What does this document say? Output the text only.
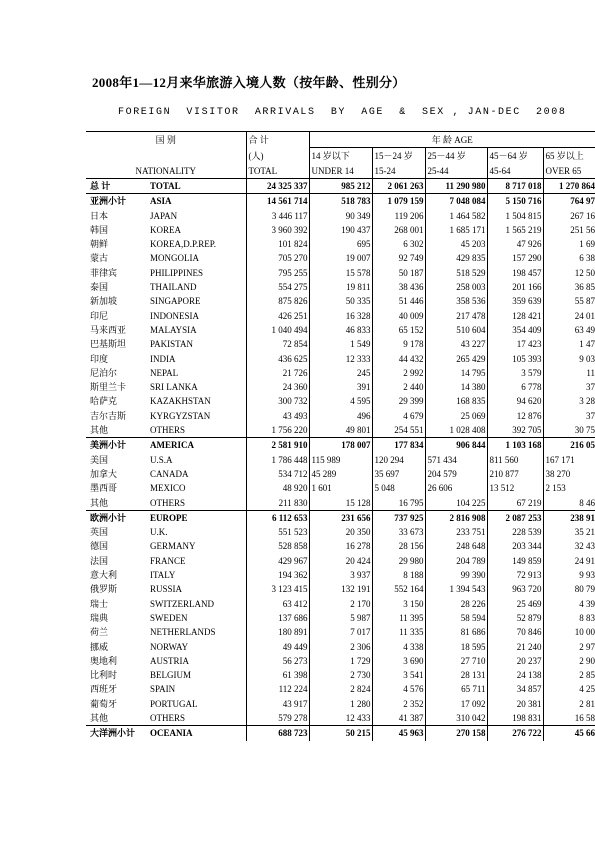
2008年1—12月来华旅游入境人数（按年龄、性别分）
FOREIGN  VISITOR  ARRIVALS  BY  AGE  &  SEX , JAN-DEC  2008
国 别		合 计	年 龄 AGE				
		(人)	14 岁以下	15－24 岁	25－44 岁	45－64 岁	65 岁以上
NATIONALITY		TOTAL	UNDER 14	15-24	25-44	45-64	OVER 65
总 计	TOTAL	24 325 337	985 212	2 061 263	11 290 980	8 717 018	1 270 864
亚洲小计	ASIA	14 561 714	518 783	1 079 159	7 048 084	5 150 716	764 97
日本	JAPAN	3 446 117	90 349	119 206	1 464 582	1 504 815	267 16
韩国	KOREA	3 960 392	190 437	268 001	1 685 171	1 565 219	251 56
朝鲜	KOREA,D.P.REP.	101 824	695	6 302	45 203	47 926	1 69
蒙古	MONGOLIA	705 270	19 007	92 749	429 835	157 290	6 38
菲律宾	PHILIPPINES	795 255	15 578	50 187	518 529	198 457	12 50
泰国	THAILAND	554 275	19 811	38 436	258 003	201 166	36 85
新加坡	SINGAPORE	875 826	50 335	51 446	358 536	359 639	55 87
印尼	INDONESIA	426 251	16 328	40 009	217 478	128 421	24 01
马来西亚	MALAYSIA	1 040 494	46 833	65 152	510 604	354 409	63 49
巴基斯坦	PAKISTAN	72 854	1 549	9 178	43 227	17 423	1 47
印度	INDIA	436 625	12 333	44 432	265 429	105 393	9 03
尼泊尔	NEPAL	21 726	245	2 992	14 795	3 579	11
斯里兰卡	SRI LANKA	24 360	391	2 440	14 380	6 778	37
哈萨克	KAZAKHSTAN	300 732	4 595	29 399	168 835	94 620	3 28
吉尔吉斯	KYRGYZSTAN	43 493	496	4 679	25 069	12 876	37
其他	OTHERS	1 756 220	49 801	254 551	1 028 408	392 705	30 75
美洲小计	AMERICA	2 581 910	178 007	177 834	906 844	1 103 168	216 05
美国	U.S.A	1 786 448	115 989	120 294	571 434	811 560	167 171
加拿大	CANADA	534 712	45 289	35 697	204 579	210 877	38 270
墨西哥	MEXICO	48 920	1 601	5 048	26 606	13 512	2 153
其他	OTHERS	211 830	15 128	16 795	104 225	67 219	8 46
欧洲小计	EUROPE	6 112 653	231 656	737 925	2 816 908	2 087 253	238 91
英国	U.K.	551 523	20 350	33 673	233 751	228 539	35 21
德国	GERMANY	528 858	16 278	28 156	248 648	203 344	32 43
法国	FRANCE	429 967	20 424	29 980	204 789	149 859	24 91
意大利	ITALY	194 362	3 937	8 188	99 390	72 913	9 93
俄罗斯	RUSSIA	3 123 415	132 191	552 164	1 394 543	963 720	80 79
瑞士	SWITZERLAND	63 412	2 170	3 150	28 226	25 469	4 39
瑞典	SWEDEN	137 686	5 987	11 395	58 594	52 879	8 83
荷兰	NETHERLANDS	180 891	7 017	11 335	81 686	70 846	10 00
挪威	NORWAY	49 449	2 306	4 338	18 595	21 240	2 97
奥地利	AUSTRIA	56 273	1 729	3 690	27 710	20 237	2 90
比利时	BELGIUM	61 398	2 730	3 541	28 131	24 138	2 85
西班牙	SPAIN	112 224	2 824	4 576	65 711	34 857	4 25
葡萄牙	PORTUGAL	43 917	1 280	2 352	17 092	20 381	2 81
其他	OTHERS	579 278	12 433	41 387	310 042	198 831	16 58
大洋洲小计	OCEANIA	688 723	50 215	45 963	270 158	276 722	45 66
